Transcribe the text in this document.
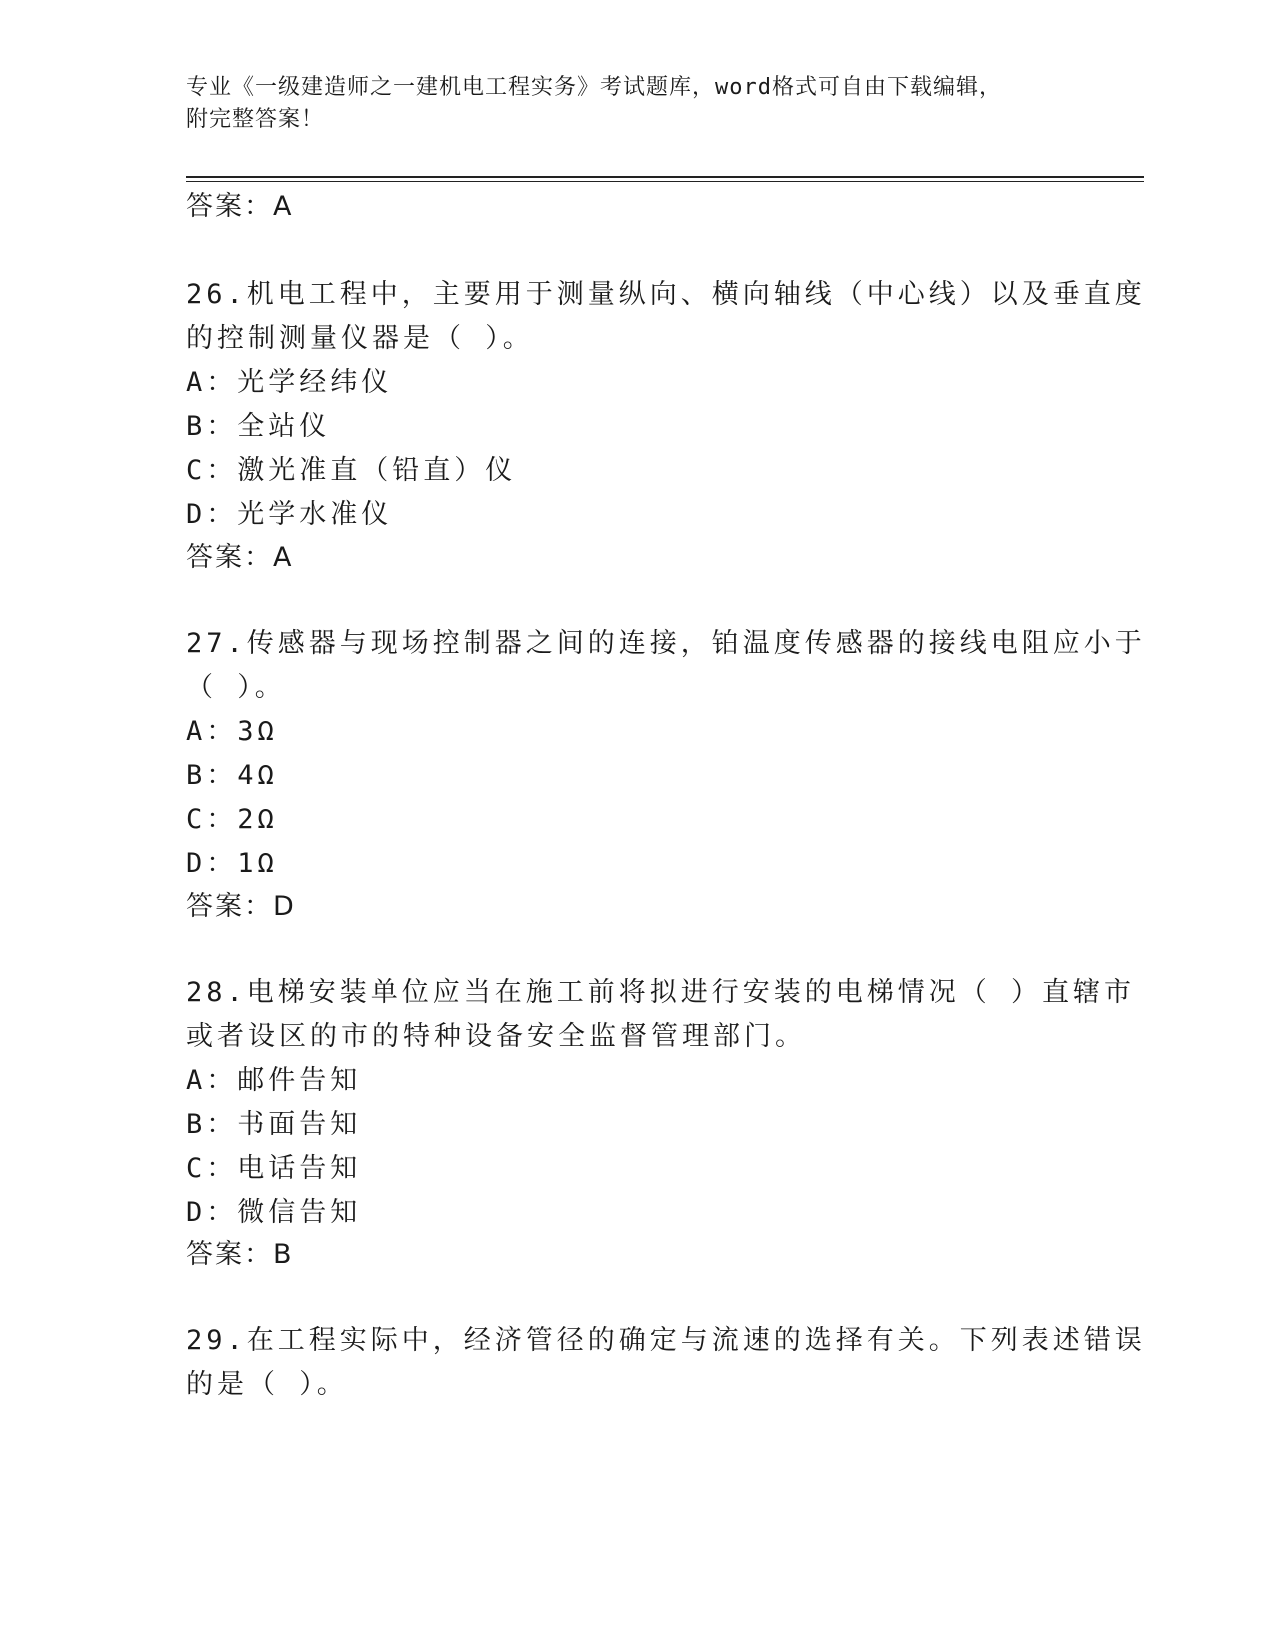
专业《一级建造师之一建机电工程实务》考试题库，word格式可自由下载编辑，
附完整答案！
答案：A
26.机电工程中，主要用于测量纵向、横向轴线（中心线）以及垂直度
的控制测量仪器是（ ）。
A：光学经纬仪
B：全站仪
C：激光准直（铅直）仪
D：光学水准仪
答案：A
27.传感器与现场控制器之间的连接，铂温度传感器的接线电阻应小于
（ ）。
A：3Ω
B：4Ω
C：2Ω
D：1Ω
答案：D
28.电梯安装单位应当在施工前将拟进行安装的电梯情况（ ）直辖市
或者设区的市的特种设备安全监督管理部门。
A：邮件告知
B：书面告知
C：电话告知
D：微信告知
答案：B
29.在工程实际中，经济管径的确定与流速的选择有关。下列表述错误
的是（ ）。
